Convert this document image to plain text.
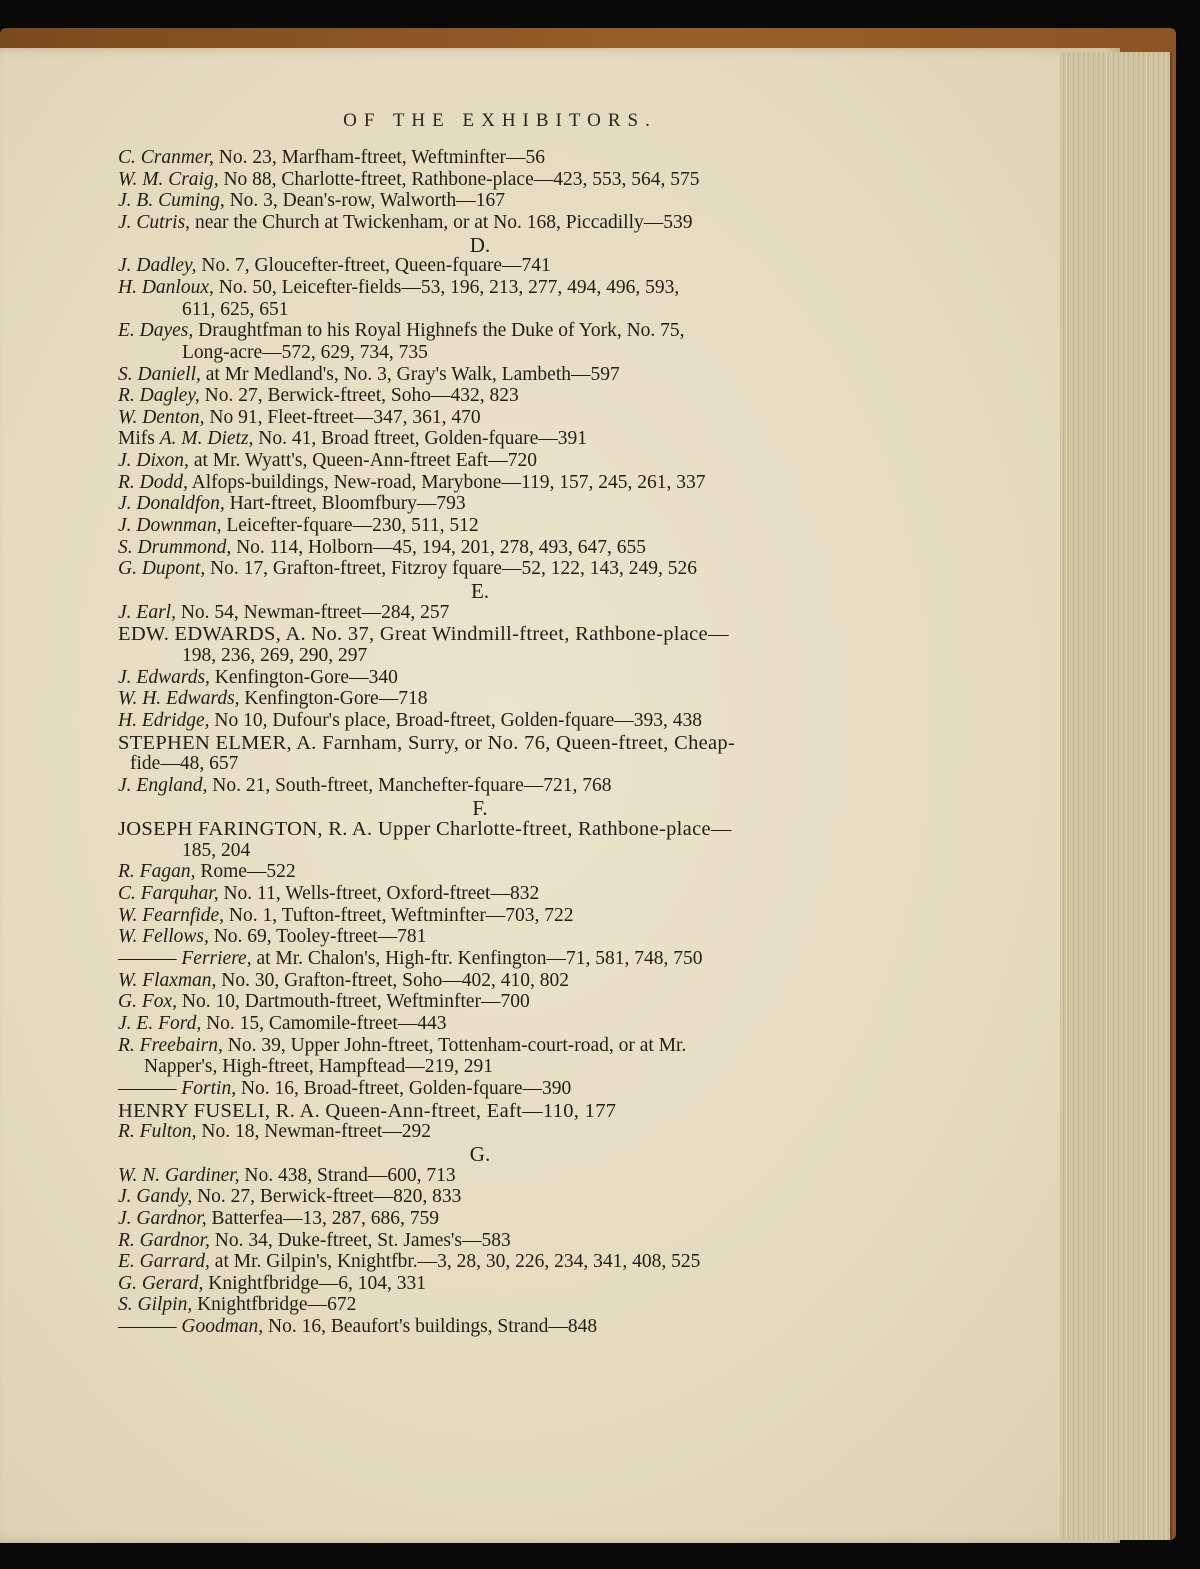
OF THE EXHIBITORS.
C. Cranmer, No. 23, Marfham-ftreet, Weftminfter—56
W. M. Craig, No 88, Charlotte-ftreet, Rathbone-place—423, 553, 564, 575
J. B. Cuming, No. 3, Dean's-row, Walworth—167
J. Cutris, near the Church at Twickenham, or at No. 168, Piccadilly—539
D.
J. Dadley, No. 7, Gloucefter-ftreet, Queen-fquare—741
H. Danloux, No. 50, Leicefter-fields—53, 196, 213, 277, 494, 496, 593,
611, 625, 651
E. Dayes, Draughtfman to his Royal Highnefs the Duke of York, No. 75,
Long-acre—572, 629, 734, 735
S. Daniell, at Mr Medland's, No. 3, Gray's Walk, Lambeth—597
R. Dagley, No. 27, Berwick-ftreet, Soho—432, 823
W. Denton, No 91, Fleet-ftreet—347, 361, 470
Mifs A. M. Dietz, No. 41, Broad ftreet, Golden-fquare—391
J. Dixon, at Mr. Wyatt's, Queen-Ann-ftreet Eaft—720
R. Dodd, Alfops-buildings, New-road, Marybone—119, 157, 245, 261, 337
J. Donaldfon, Hart-ftreet, Bloomfbury—793
J. Downman, Leicefter-fquare—230, 511, 512
S. Drummond, No. 114, Holborn—45, 194, 201, 278, 493, 647, 655
G. Dupont, No. 17, Grafton-ftreet, Fitzroy fquare—52, 122, 143, 249, 526
E.
J. Earl, No. 54, Newman-ftreet—284, 257
EDW. EDWARDS, A. No. 37, Great Windmill-ftreet, Rathbone-place—
198, 236, 269, 290, 297
J. Edwards, Kenfington-Gore—340
W. H. Edwards, Kenfington-Gore—718
H. Edridge, No 10, Dufour's place, Broad-ftreet, Golden-fquare—393, 438
STEPHEN ELMER, A. Farnham, Surry, or No. 76, Queen-ftreet, Cheap-
fide—48, 657
J. England, No. 21, South-ftreet, Manchefter-fquare—721, 768
F.
JOSEPH FARINGTON, R. A. Upper Charlotte-ftreet, Rathbone-place—
185, 204
R. Fagan, Rome—522
C. Farquhar, No. 11, Wells-ftreet, Oxford-ftreet—832
W. Fearnfide, No. 1, Tufton-ftreet, Weftminfter—703, 722
W. Fellows, No. 69, Tooley-ftreet—781
——— Ferriere, at Mr. Chalon's, High-ftr. Kenfington—71, 581, 748, 750
W. Flaxman, No. 30, Grafton-ftreet, Soho—402, 410, 802
G. Fox, No. 10, Dartmouth-ftreet, Weftminfter—700
J. E. Ford, No. 15, Camomile-ftreet—443
R. Freebairn, No. 39, Upper John-ftreet, Tottenham-court-road, or at Mr.
Napper's, High-ftreet, Hampftead—219, 291
——— Fortin, No. 16, Broad-ftreet, Golden-fquare—390
HENRY FUSELI, R. A. Queen-Ann-ftreet, Eaft—110, 177
R. Fulton, No. 18, Newman-ftreet—292
G.
W. N. Gardiner, No. 438, Strand—600, 713
J. Gandy, No. 27, Berwick-ftreet—820, 833
J. Gardnor, Batterfea—13, 287, 686, 759
R. Gardnor, No. 34, Duke-ftreet, St. James's—583
E. Garrard, at Mr. Gilpin's, Knightfbr.—3, 28, 30, 226, 234, 341, 408, 525
G. Gerard, Knightfbridge—6, 104, 331
S. Gilpin, Knightfbridge—672
——— Goodman, No. 16, Beaufort's buildings, Strand—848
